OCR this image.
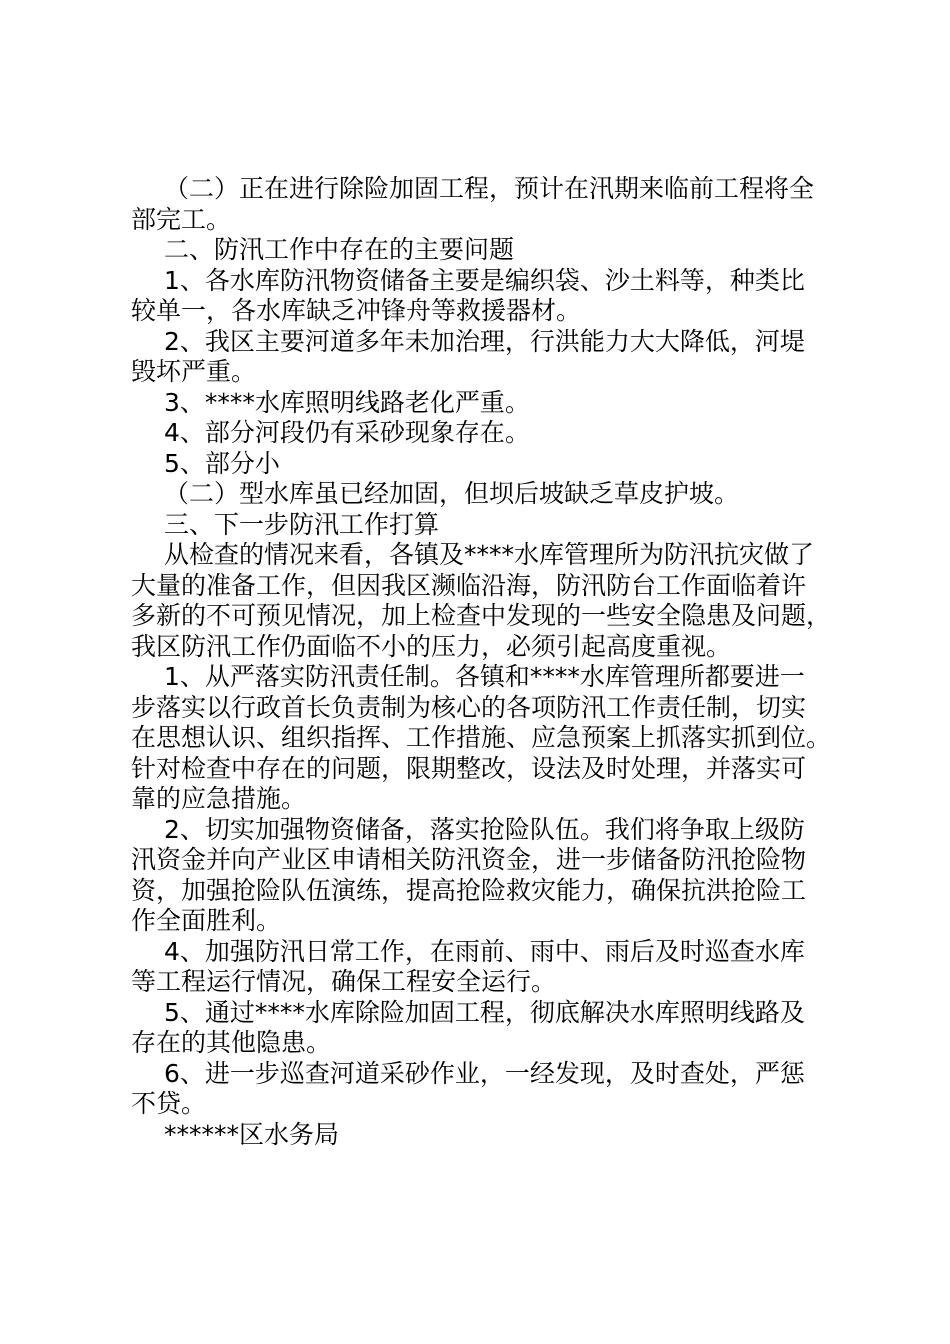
（二）正在进行除险加固工程，预计在汛期来临前工程将全
部完工。
二、防汛工作中存在的主要问题
1、各水库防汛物资储备主要是编织袋、沙土料等，种类比
较单一，各水库缺乏冲锋舟等救援器材。
2、我区主要河道多年未加治理，行洪能力大大降低，河堤
毁坏严重。
3、****水库照明线路老化严重。
4、部分河段仍有采砂现象存在。
5、部分小
（二）型水库虽已经加固，但坝后坡缺乏草皮护坡。
三、下一步防汛工作打算
从检查的情况来看，各镇及****水库管理所为防汛抗灾做了
大量的准备工作，但因我区濒临沿海，防汛防台工作面临着许
多新的不可预见情况，加上检查中发现的一些安全隐患及问题，
我区防汛工作仍面临不小的压力，必须引起高度重视。
1、从严落实防汛责任制。各镇和****水库管理所都要进一
步落实以行政首长负责制为核心的各项防汛工作责任制，切实
在思想认识、组织指挥、工作措施、应急预案上抓落实抓到位。
针对检查中存在的问题，限期整改，设法及时处理，并落实可
靠的应急措施。
2、切实加强物资储备，落实抢险队伍。我们将争取上级防
汛资金并向产业区申请相关防汛资金，进一步储备防汛抢险物
资，加强抢险队伍演练，提高抢险救灾能力，确保抗洪抢险工
作全面胜利。
4、加强防汛日常工作，在雨前、雨中、雨后及时巡查水库
等工程运行情况，确保工程安全运行。
5、通过****水库除险加固工程，彻底解决水库照明线路及
存在的其他隐患。
6、进一步巡查河道采砂作业，一经发现，及时查处，严惩
不贷。
******区水务局
